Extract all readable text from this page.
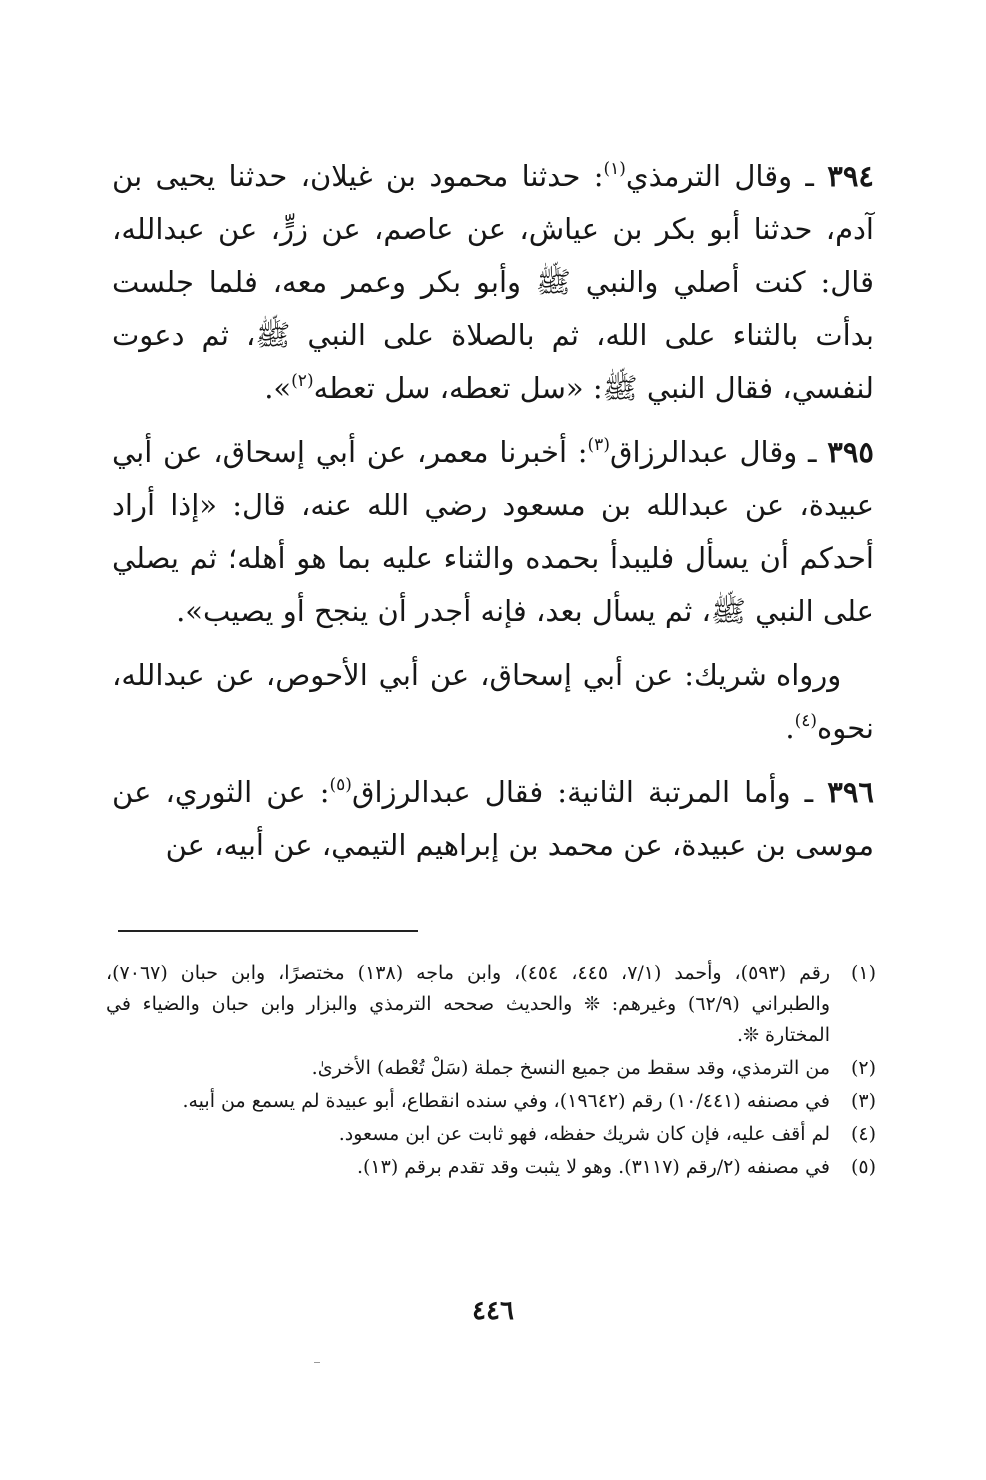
٣٩٤ ـ وقال الترمذي$^{(١)}$: حدثنا محمود بن غيلان، حدثنا يحيى بن آدم، حدثنا أبو بكر بن عياش، عن عاصم، عن زرٍّ، عن عبدالله، قال: كنت أصلي والنبي ﷺ وأبو بكر وعمر معه، فلما جلست بدأت بالثناء على الله، ثم بالصلاة على النبي ﷺ، ثم دعوت لنفسي، فقال النبي ﷺ: «سل تعطه، سل تعطه$^{(٢)}$».

٣٩٥ ـ وقال عبدالرزاق$^{(٣)}$: أخبرنا معمر، عن أبي إسحاق، عن أبي عبيدة، عن عبدالله بن مسعود رضي الله عنه، قال: «إذا أراد أحدكم أن يسأل فليبدأ بحمده والثناء عليه بما هو أهله؛ ثم يصلي على النبي ﷺ، ثم يسأل بعد، فإنه أجدر أن ينجح أو يصيب».

ورواه شريك: عن أبي إسحاق، عن أبي الأحوص، عن عبدالله، نحوه$^{(٤)}$.

٣٩٦ ـ وأما المرتبة الثانية: فقال عبدالرزاق$^{(٥)}$: عن الثوري، عن موسى بن عبيدة، عن محمد بن إبراهيم التيمي، عن أبيه، عن

(١)
رقم (٥٩٣)، وأحمد (٧/١، ٤٤٥، ٤٥٤)، وابن ماجه (١٣٨) مختصرًا، وابن حبان (٧٠٦٧)، والطبراني (٦٢/٩) وغيرهم: ❊ والحديث صححه الترمذي والبزار وابن حبان والضياء في المختارة ❊.
(٢)
من الترمذي، وقد سقط من جميع النسخ جملة (سَلْ تُعْطه) الأخرىٰ.
(٣)
في مصنفه (١٠/٤٤١) رقم (١٩٦٤٢)، وفي سنده انقطاع، أبو عبيدة لم يسمع من أبيه.
(٤)
لم أقف عليه، فإن كان شريك حفظه، فهو ثابت عن ابن مسعود.
(٥)
في مصنفه (٢/رقم (٣١١٧). وهو لا يثبت وقد تقدم برقم (١٣).
٤٤٦
